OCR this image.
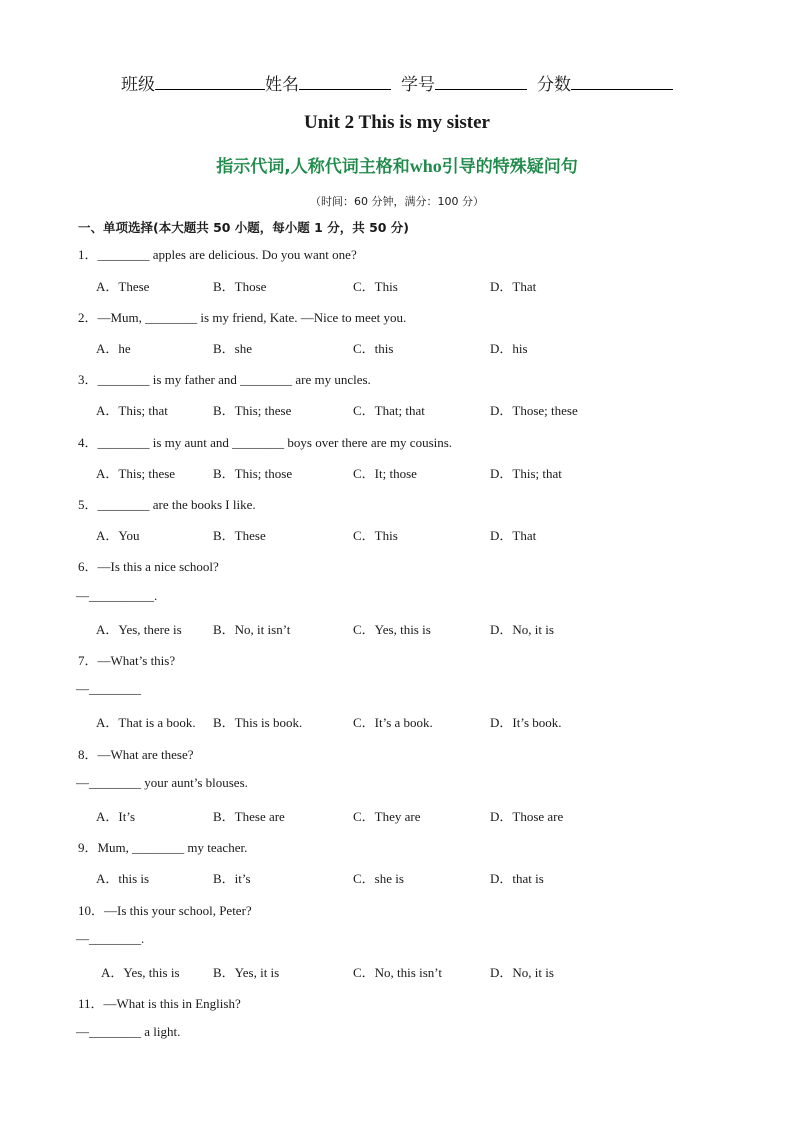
班级	姓名	学号	分数
Unit 2 This is my sister
指示代词,人称代词主格和who引导的特殊疑问句
（时间：60 分钟，满分：100 分）
一、单项选择(本大题共 50 小题，每小题 1 分，共 50 分)
1．________ apples are delicious. Do you want one?
A．These	B．Those	C．This	D．That
2．—Mum, ________ is my friend, Kate. —Nice to meet you.
A．he	B．she	C．this	D．his
3．________ is my father and ________ are my uncles.
A．This; that	B．This; these	C．That; that	D．Those; these
4．________ is my aunt and ________ boys over there are my cousins.
A．This; these	B．This; those	C．It; those	D．This; that
5．________ are the books I like.
A．You	B．These	C．This	D．That
6．—Is this a nice school?
—__________.
A．Yes, there is B．No, it isn’t	C．Yes, this is	D．No, it is
7．—What’s this?
—________
A．That is a book. B．This is book.	C．It’s a book.	D．It’s book.
8．—What are these?
—________ your aunt’s blouses.
A．It’s	B．These are	C．They are	D．Those are
9．Mum, ________ my teacher.
A．this is	B．it’s	C．she is	D．that is
10．—Is this your school, Peter?
—________.
A．Yes, this is	B．Yes, it is	C．No, this isn’t	D．No, it is
11．—What is this in English?
—________ a light.
